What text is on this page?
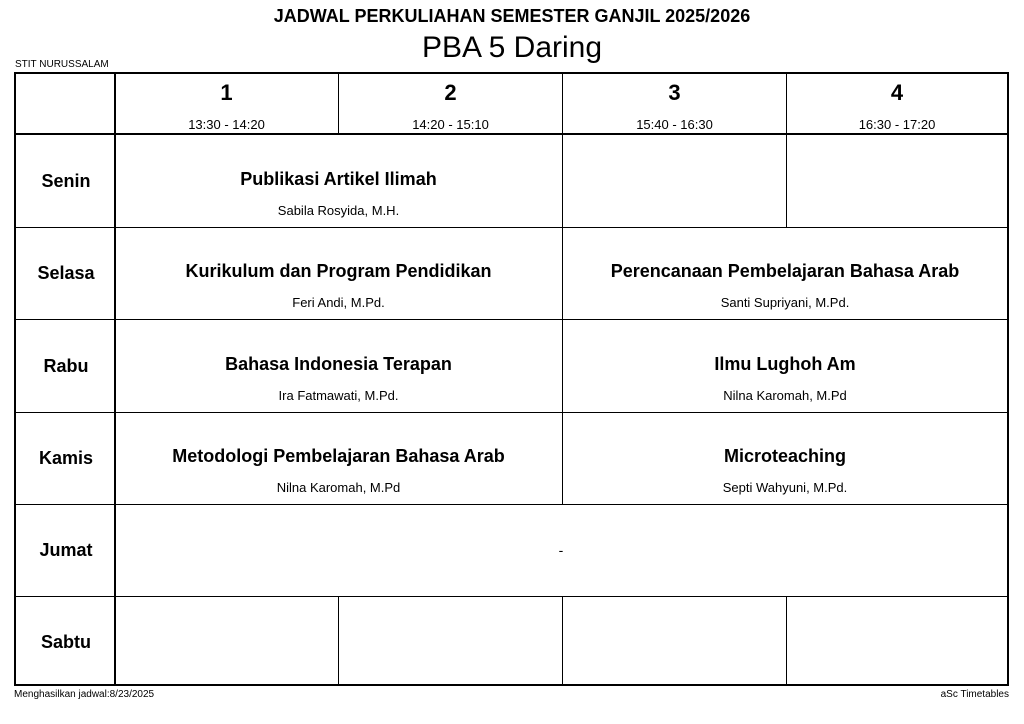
JADWAL PERKULIAHAN SEMESTER GANJIL 2025/2026
PBA 5 Daring
STIT NURUSSALAM
1
13:30 - 14:20
2
14:20 - 15:10
3
15:40 - 16:30
4
16:30 - 17:20
Senin
Selasa
Rabu
Kamis
Jumat
Sabtu
Publikasi Artikel Ilimah
Sabila Rosyida, M.H.
Kurikulum dan Program Pendidikan
Feri Andi, M.Pd.
Perencanaan Pembelajaran Bahasa Arab
Santi Supriyani, M.Pd.
Bahasa Indonesia Terapan
Ira Fatmawati, M.Pd.
Ilmu Lughoh Am
Nilna Karomah, M.Pd
Metodologi Pembelajaran Bahasa Arab
Nilna Karomah, M.Pd
Microteaching
Septi Wahyuni, M.Pd.
-
Menghasilkan jadwal:8/23/2025	aSc Timetables
